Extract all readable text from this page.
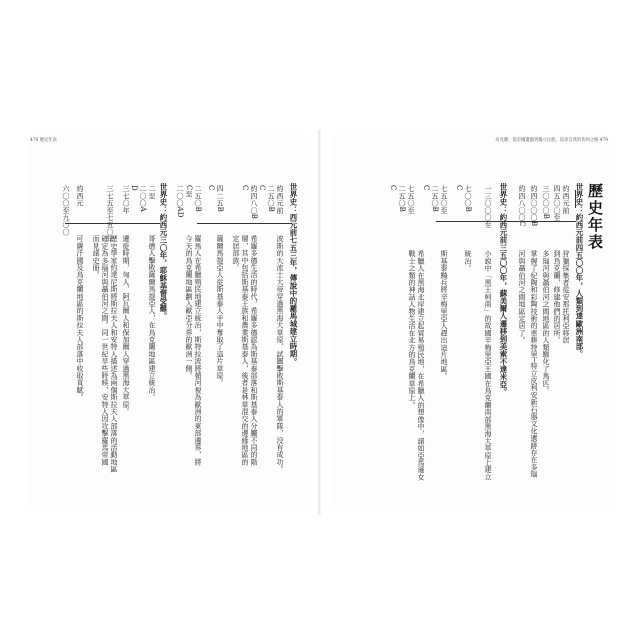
烏克蘭：從帝國邊疆到獨立民族，追尋自我的坎坷之路 479
歷史年表
世界史：約西元前四五〇〇年，人類到達歐洲南部。
約西元前
四五〇〇至
狩獵採集者從安那托利亞移居
到烏克蘭，修建他們的居所。
三〇〇〇B
多瑙河與聶伯河之間地區的人類馴化了馬匹。
約四〇〇〇B
掌握了紀陶和彩陶技術的車耕特里─特立皮利安新石器文化遺跡存在多瑙
約四八〇〇C
河與聶伯河之間地區定居了。
世界史：約西元前三五〇〇年，蘇美爾人遷移到美索不達米亞。
一三〇〇〇至
小說中「黑王柯南」的故國辛梅里亞王國在烏克蘭南部黑海大草原上建立
七〇〇B
C
統治。
七五〇至
二五〇B
C
斯基泰騎兵將辛梅里亞人趕出這片地區。
七五〇至
二五〇B
C
希臘人在黑海北岸建立起貿易殖民地，在希臘人的想像中，諸如亞馬遜女
戰士之類的神話人物生活在北方的烏克蘭草原上。
478 歷史年表
世界史：西元前七五三年，傳說中的羅馬城建立時期。
約西元前
二五〇B
C
波斯的大流士大帝穿過黑海大草原，試圖擊敗斯基泰人的軍隊，沒有成功。
約四八〇B
C
希羅多德生活的時代，希羅多德認為斯基泰部落和斯基泰人分屬不同的階
層，其中包括斯基泰王族和農業斯基泰人，後者是林草混交的邊緣地區的
定居部族。
四二五B
C
薩爾馬提亞人從斯基泰人手中奪取了這片草原。
二五〇B
C至
二〇〇AD
羅馬人在希臘殖民地建立統治，斯特拉波將頓河視為歐洲的東部邊界，將
今天的烏克蘭地區劃入歐亞分界的歐洲一側。
世界史：約西元三〇年，耶穌基督受難。
二至
二〇〇A
D
哥德人擊敗薩爾馬提亞人，在烏克蘭地區建立統治。
三七〇年
遷徙時期，匈人、阿瓦爾人和保加爾人穿過黑海大草原。
三七五至七五〇年
歷史學家約達尼斯將斯拉夫人和安特人描述為兩個斯拉夫人部落的活動地區
確定為多瑙河與聶伯河之間。同一世紀早些時候，安特人因攻擊羅馬帝國
而見諸史冊。
約西元
可薩汗國及烏克蘭地區的斯拉夫人部落中收取貢賦。
六〇〇至九〇〇
